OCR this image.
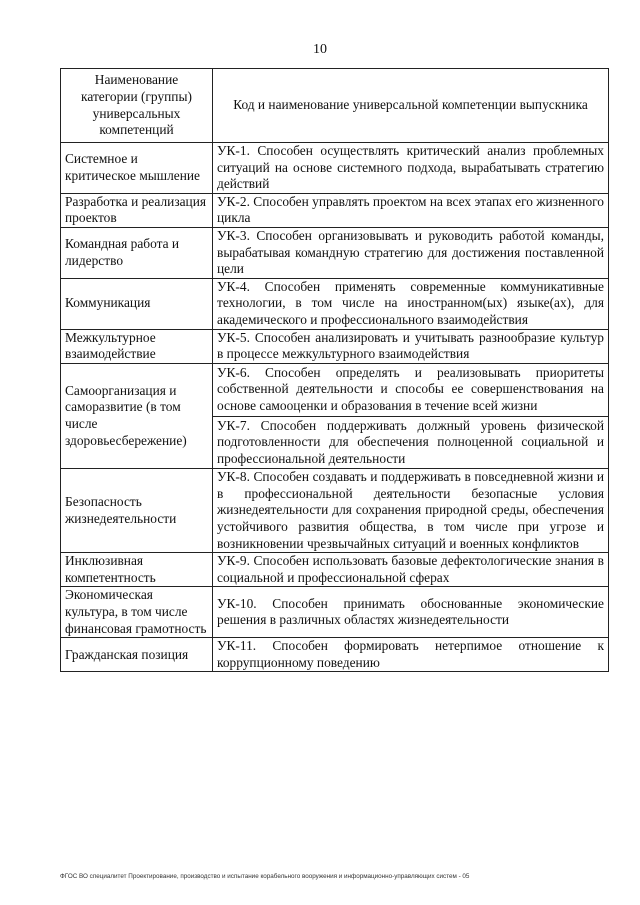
10
Наименование категории (группы) универсальных компетенций	Код и наименование универсальной компетенции выпускника
Системное и критическое мышление	УК-1. Способен осуществлять критический анализ проблемных ситуаций на основе системного подхода, вырабатывать стратегию действий

Разработка и реализация проектов	УК-2. Способен управлять проектом на всех этапах его жизненного цикла

Командная работа и лидерство	УК-3. Способен организовывать и руководить работой команды, вырабатывая командную стратегию для достижения поставленной цели

Коммуникация	УК-4. Способен применять современные коммуникативные технологии, в том числе на иностранном(ых) языке(ах), для академического и профессионального взаимодействия

Межкультурное взаимодействие	УК-5. Способен анализировать и учитывать разнообразие культур в процессе межкультурного взаимодействия

Самоорганизация и саморазвитие (в том числе здоровьесбережение)	УК-6. Способен определять и реализовывать приоритеты собственной деятельности и способы ее совершенствования на основе самооценки и образования в течение всей жизни
УК-7. Способен поддерживать должный уровень физической подготовленности для обеспечения полноценной социальной и профессиональной деятельности

Безопасность жизнедеятельности	УК-8. Способен создавать и поддерживать в повседневной жизни и в профессиональной деятельности безопасные условия жизнедеятельности для сохранения природной среды, обеспечения устойчивого развития общества, в том числе при угрозе и возникновении чрезвычайных ситуаций и военных конфликтов

Инклюзивная компетентность	УК-9. Способен использовать базовые дефектологические знания в социальной и профессиональной сферах

Экономическая культура, в том числе финансовая грамотность	УК-10. Способен принимать обоснованные экономические решения в различных областях жизнедеятельности

Гражданская позиция	УК-11. Способен формировать нетерпимое отношение к коррупционному поведению
ФГОС ВО специалитет Проектирование, производство и испытание корабельного вооружения и информационно-управляющих систем - 05
